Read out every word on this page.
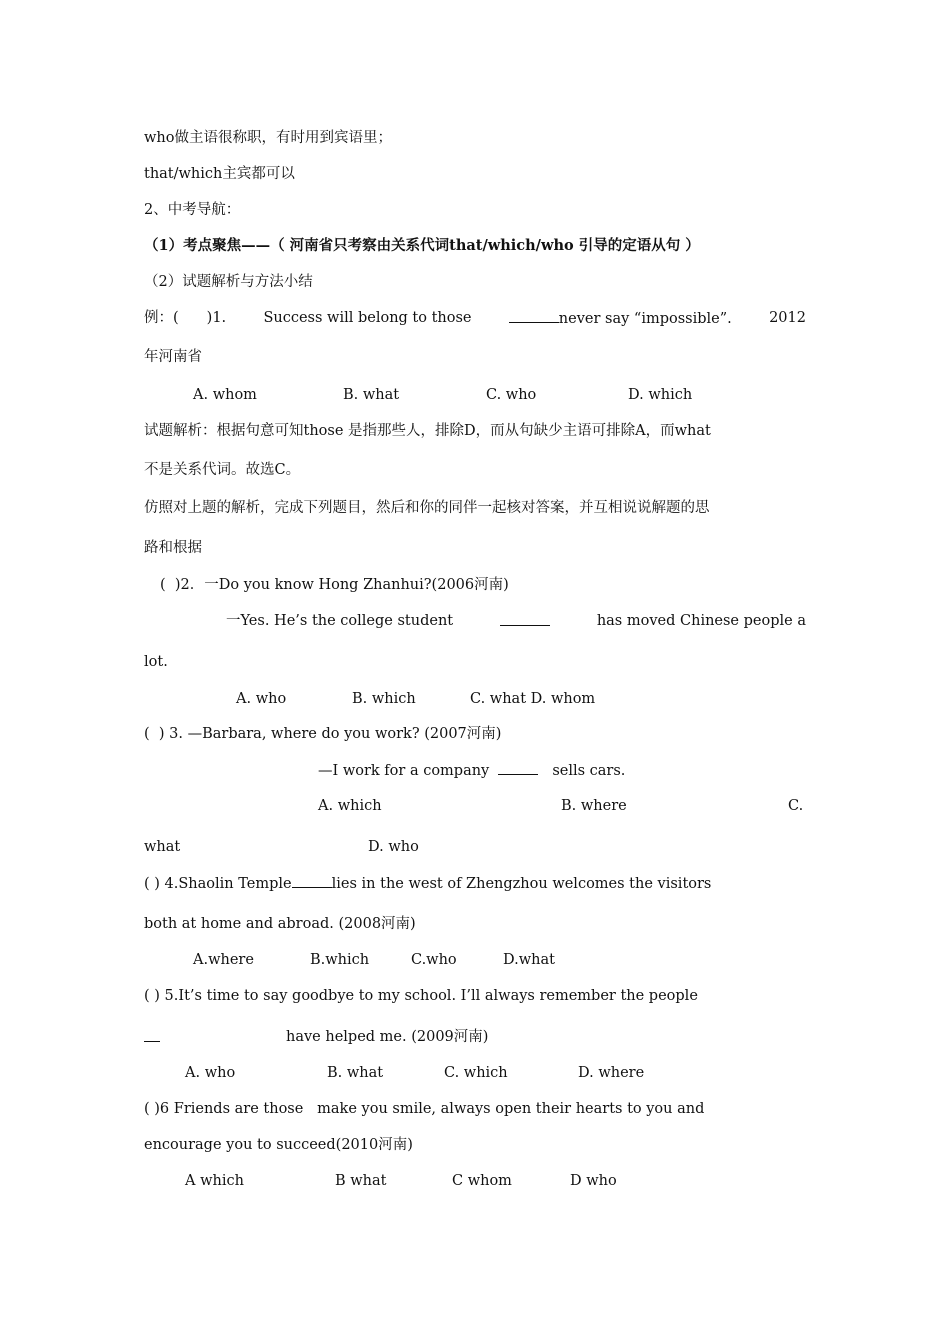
who做主语很称职，有时用到宾语里；
that/which主宾都可以
2、中考导航：
（1）考点聚焦——（ 河南省只考察由关系代词that/which/who 引导的定语从句 ）
（2）试题解析与方法小结
例：( )1.	Success will belong to those	never say “impossible”.	2012
年河南省
A. whom	B. what	C. who	D. which
试题解析：根据句意可知those 是指那些人，排除D，而从句缺少主语可排除A，而what
不是关系代词。故选C。
仿照对上题的解析，完成下列题目，然后和你的同伴一起核对答案，并互相说说解题的思
路和根据
(  )2．一Do you know Hong Zhanhui?(2006河南)
一Yes. He’s the college student	has moved Chinese people a
lot.
A. who	B. which	C. what D. whom
(  ) 3. —Barbara, where do you work? (2007河南)
—I work for a company	sells cars.
A. which	B. where	C.
what	D. who
( ) 4.Shaolin Temple	lies in the west of Zhengzhou welcomes the visitors
both at home and abroad. (2008河南)
A.where	B.which	C.who	D.what
( ) 5.It’s time to say goodbye to my school. I’ll always remember the people
have helped me. (2009河南)
A. who	B. what	C. which	D. where
( )6 Friends are those   make you smile, always open their hearts to you and
encourage you to succeed(2010河南)
A which	B what	C whom	D who
